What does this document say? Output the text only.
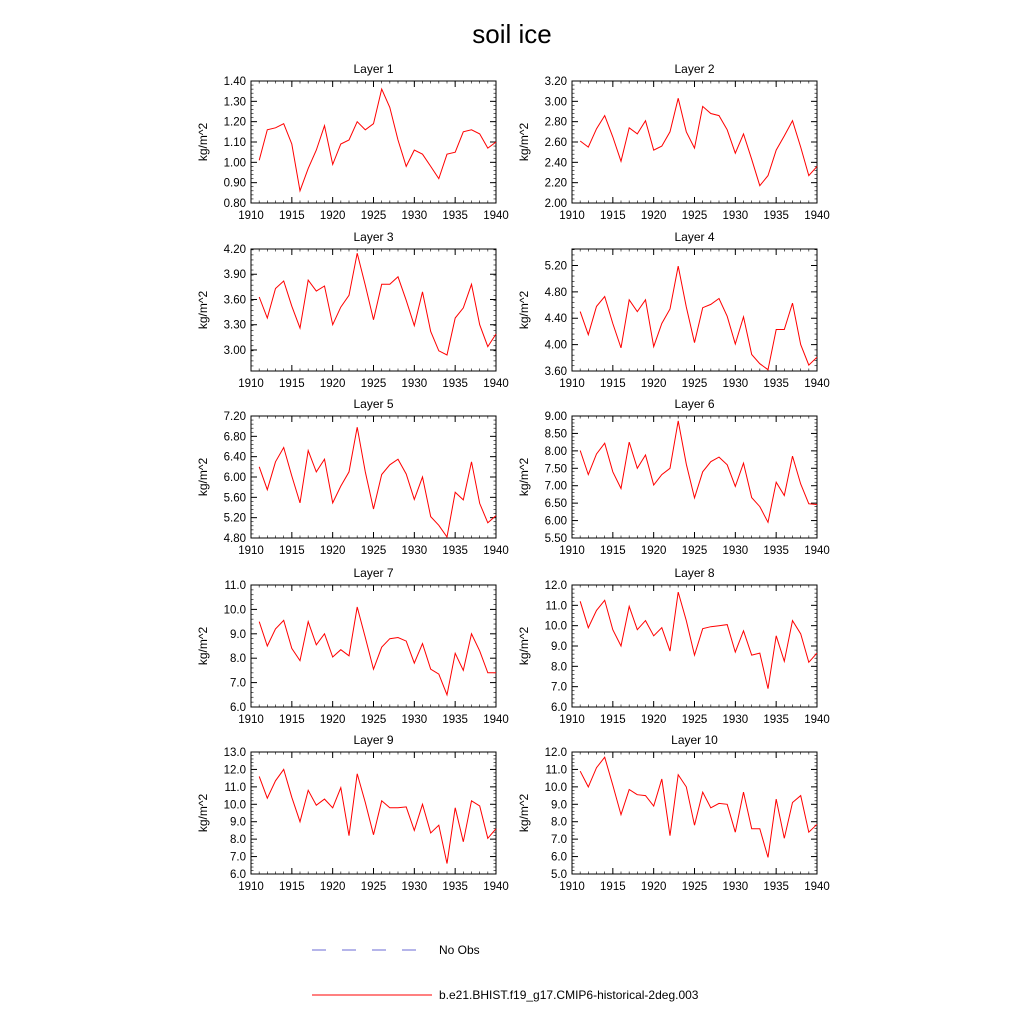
soil ice
1910 1915 1920 1925 1930 1935 1940
0.80
0.90
1.00
1.10
1.20
1.30
1.40
kg/m^2
Layer 1
1910 1915 1920 1925 1930 1935 1940
2.00
2.20
2.40
2.60
2.80
3.00
3.20
kg/m^2
Layer 2
1910 1915 1920 1925 1930 1935 1940
3.00
3.30
3.60
3.90
4.20
kg/m^2
Layer 3
1910 1915 1920 1925 1930 1935 1940
3.60
4.00
4.40
4.80
5.20
kg/m^2
Layer 4
1910 1915 1920 1925 1930 1935 1940
4.80
5.20
5.60
6.00
6.40
6.80
7.20
kg/m^2
Layer 5
1910 1915 1920 1925 1930 1935 1940
5.50
6.00
6.50
7.00
7.50
8.00
8.50
9.00
kg/m^2
Layer 6
1910 1915 1920 1925 1930 1935 1940
6.0
7.0
8.0
9.0
10.0
11.0
kg/m^2
Layer 7
1910 1915 1920 1925 1930 1935 1940
6.0
7.0
8.0
9.0
10.0
11.0
12.0
kg/m^2
Layer 8
1910 1915 1920 1925 1930 1935 1940
6.0
7.0
8.0
9.0
10.0
11.0
12.0
13.0
kg/m^2
Layer 9
1910 1915 1920 1925 1930 1935 1940
5.0
6.0
7.0
8.0
9.0
10.0
11.0
12.0
kg/m^2
Layer 10
No Obs
b.e21.BHIST.f19_g17.CMIP6-historical-2deg.003
